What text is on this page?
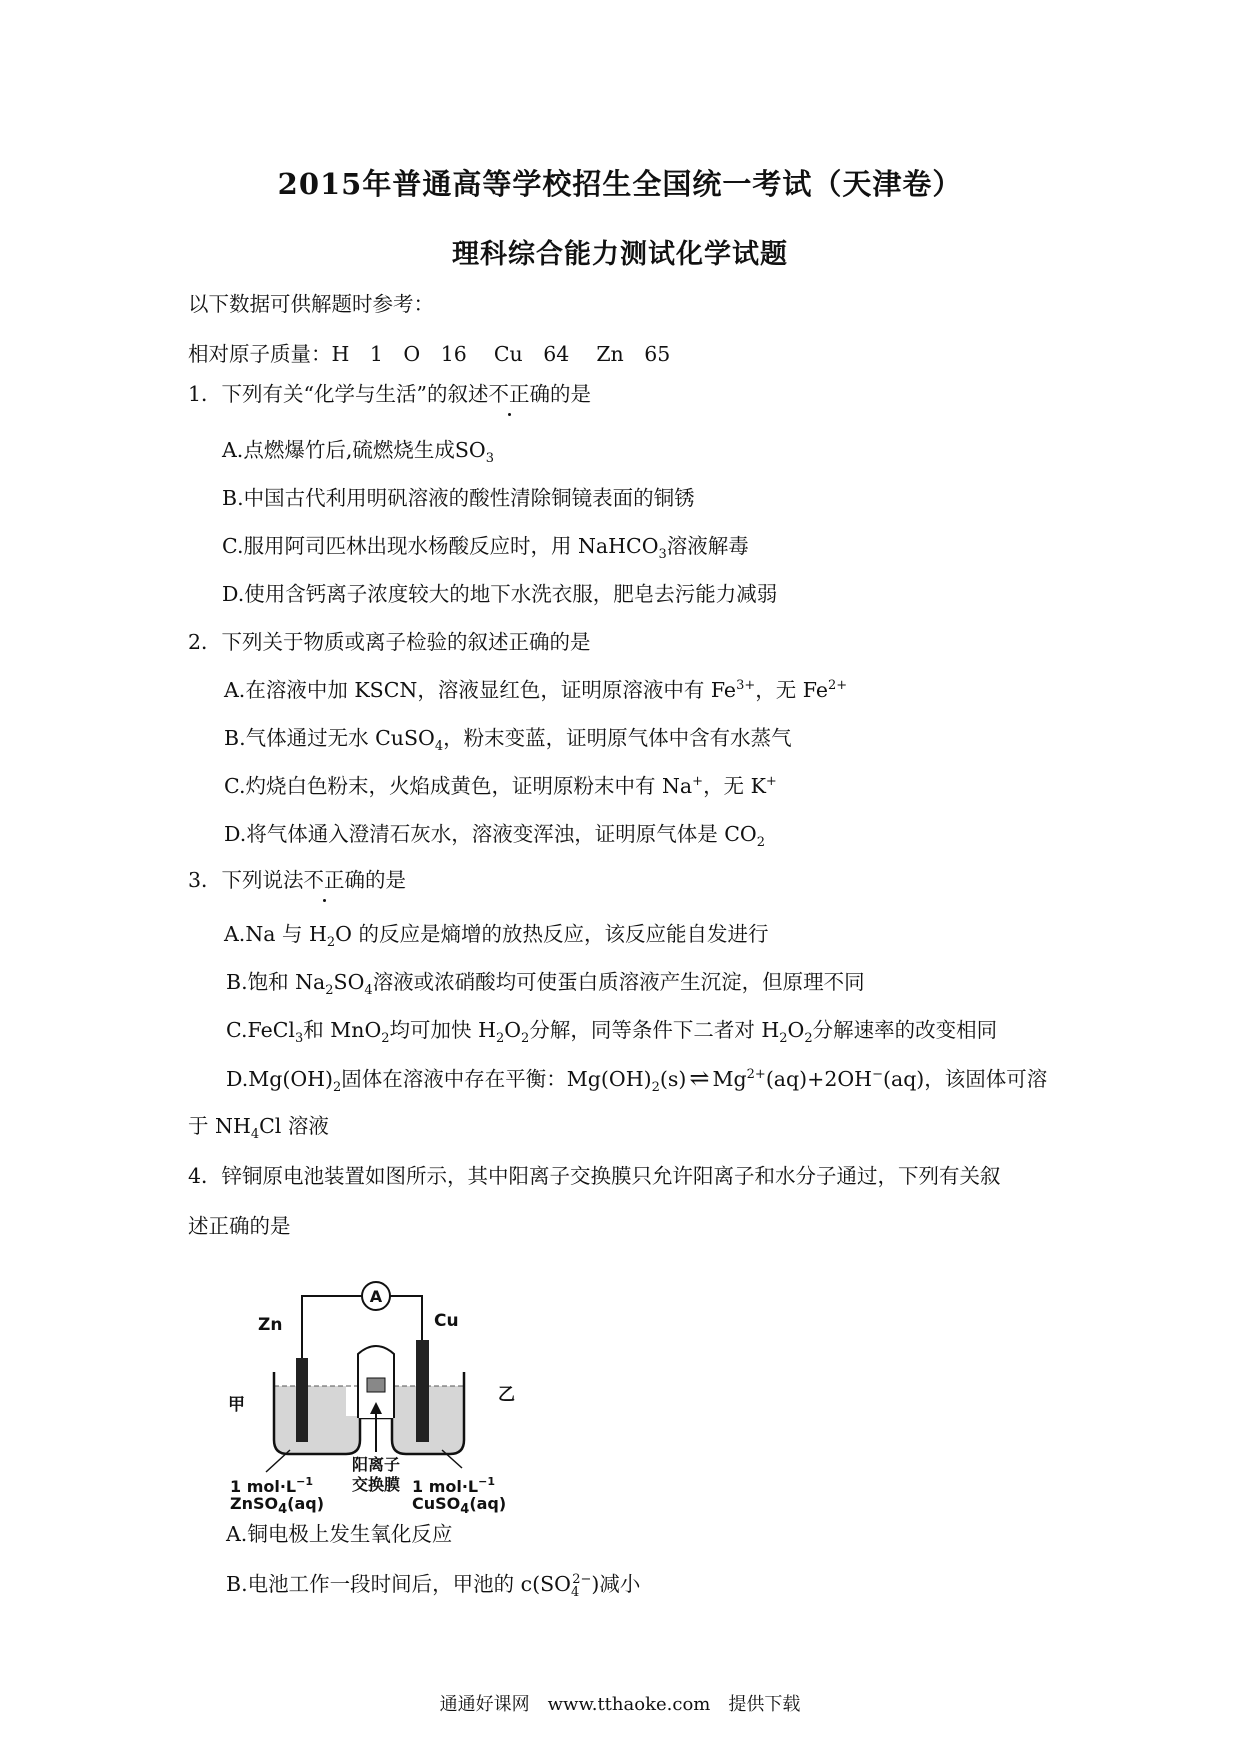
2015年普通高等学校招生全国统一考试（天津卷）
理科综合能力测试化学试题
以下数据可供解题时参考：
相对原子质量：H　1　O　16　 Cu　64　 Zn　65
1．下列有关“化学与生活”的叙述不正确的是
A.点燃爆竹后,硫燃烧生成$SO_3$
B.中国古代利用明矾溶液的酸性清除铜镜表面的铜锈
C.服用阿司匹林出现水杨酸反应时，用 NaHCO$_3$溶液解毒
D.使用含钙离子浓度较大的地下水洗衣服，肥皂去污能力减弱
2．下列关于物质或离子检验的叙述正确的是
A.在溶液中加 KSCN，溶液显红色，证明原溶液中有 $Fe^{3+}$，无 $Fe^{2+}$
B.气体通过无水 CuSO$_4$，粉末变蓝，证明原气体中含有水蒸气
C.灼烧白色粉末，火焰成黄色，证明原粉末中有 Na+，无 K+
D.将气体通入澄清石灰水，溶液变浑浊，证明原气体是 $CO_2$
3．下列说法不正确的是
A.Na 与 $H_2O$ 的反应是熵增的放热反应，该反应能自发进行
B.饱和 $Na_2SO_4$溶液或浓硝酸均可使蛋白质溶液产生沉淀，但原理不同
C.FeCl$_3$和 MnO$_2$均可加快 $H_2O_2$分解，同等条件下二者对 $H_2O_2$分解速率的改变相同
$D.Mg(OH)_2$固体在溶液中存在平衡：$Mg(OH)_2(s)$ ⇌ $Mg^{2+}(aq)+2OH^-(aq)$，该固体可溶
于 $NH_4Cl$ 溶液
4．锌铜原电池装置如图所示，其中阳离子交换膜只允许阳离子和水分子通过，下列有关叙
述正确的是
A
Zn	Cu
甲	乙
阳离子
交换膜
1 $mol\cdot L^{-1}$	1 $mol\cdot L^{-1}$
ZnSO$_4$(aq)	CuSO$_4$(aq)
A.铜电极上发生氧化反应
B.电池工作一段时间后，甲池的 $c(SO_4^{2-})$减小
通通好课网　www.tthaoke.com　提供下载
